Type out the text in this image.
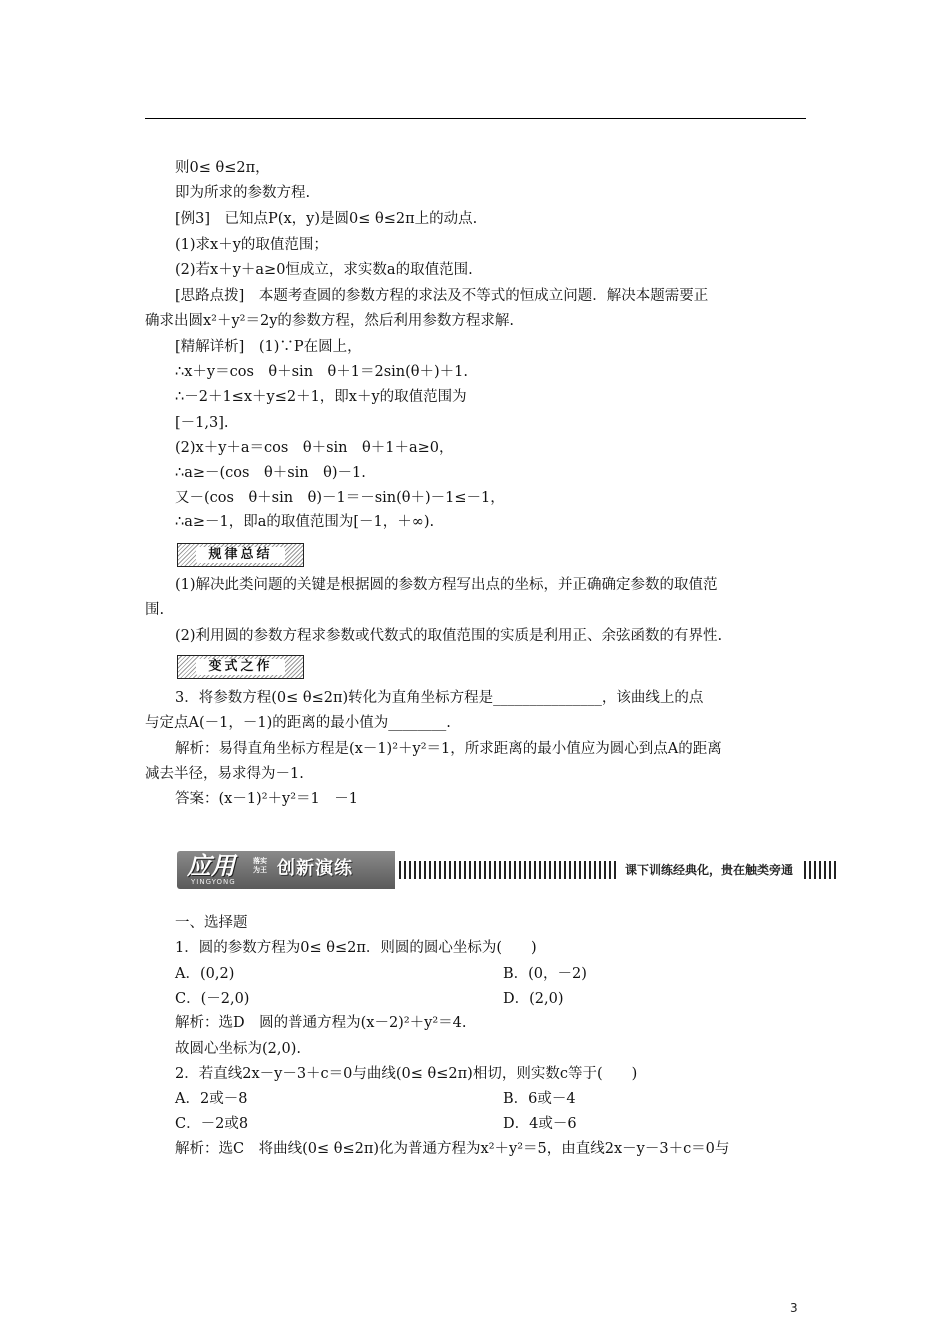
则0≤ θ≤2π，
即为所求的参数方程.
[例3]　已知点P(x，y)是圆0≤ θ≤2π上的动点.
(1)求x＋y的取值范围；
(2)若x＋y＋a≥0恒成立，求实数a的取值范围.
[思路点拨]　本题考查圆的参数方程的求法及不等式的恒成立问题．解决本题需要正
确求出圆x²＋y²＝2y的参数方程，然后利用参数方程求解.
[精解详析]　(1)∵P在圆上，
∴x＋y＝cos　θ＋sin　θ＋1＝2sin(θ＋)＋1.
∴－2＋1≤x＋y≤2＋1，即x＋y的取值范围为
[－1,3].
(2)x＋y＋a＝cos　θ＋sin　θ＋1＋a≥0，
∴a≥－(cos　θ＋sin　θ)－1.
又－(cos　θ＋sin　θ)－1＝－sin(θ＋)－1≤－1，
∴a≥－1，即a的取值范围为[－1，＋∞).
规律总结
(1)解决此类问题的关键是根据圆的参数方程写出点的坐标，并正确确定参数的取值范
围.
(2)利用圆的参数方程求参数或代数式的取值范围的实质是利用正、余弦函数的有界性.
变式之作
3．将参数方程(0≤ θ≤2π)转化为直角坐标方程是_______________，该曲线上的点
与定点A(－1，－1)的距离的最小值为________.
解析：易得直角坐标方程是(x－1)²＋y²＝1，所求距离的最小值应为圆心到点A的距离
减去半径，易求得为－1.
答案：(x－1)²＋y²＝1　－1
应用
YINGYONG
落实 为王 创新演练	课下训练经典化，贵在触类旁通
一、选择题
1．圆的参数方程为0≤ θ≤2π．则圆的圆心坐标为(　　)
A．(0,2)	B．(0，－2)
C．(－2,0)	D．(2,0)
解析：选D　圆的普通方程为(x－2)²＋y²＝4.
故圆心坐标为(2,0).
2．若直线2x－y－3＋c＝0与曲线(0≤ θ≤2π)相切，则实数c等于(　　)
A．2或－8	B．6或－4
C．－2或8	D．4或－6
解析：选C　将曲线(0≤ θ≤2π)化为普通方程为x²＋y²＝5，由直线2x－y－3＋c＝0与
3
